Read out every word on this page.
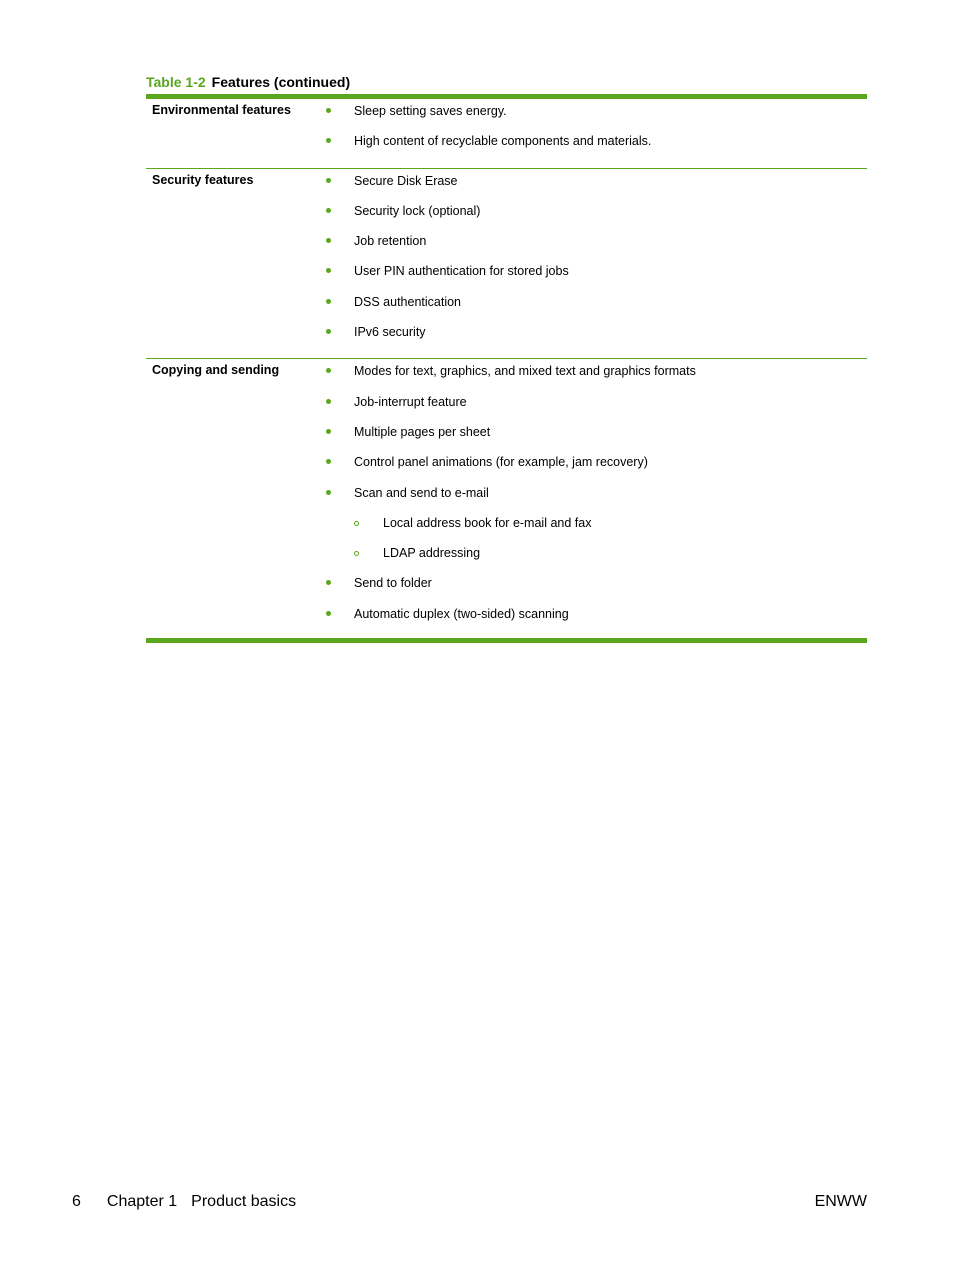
Table 1-2 Features (continued)
Environmental features	Sleep setting saves energy.
High content of recyclable components and materials.
Security features	Secure Disk Erase
Security lock (optional)
Job retention
User PIN authentication for stored jobs
DSS authentication
IPv6 security
Copying and sending	Modes for text, graphics, and mixed text and graphics formats
Job-interrupt feature
Multiple pages per sheet
Control panel animations (for example, jam recovery)
Scan and send to e-mail
Local address book for e-mail and fax
LDAP addressing
Send to folder
Automatic duplex (two-sided) scanning
6 Chapter 1 Product basics	ENWW
